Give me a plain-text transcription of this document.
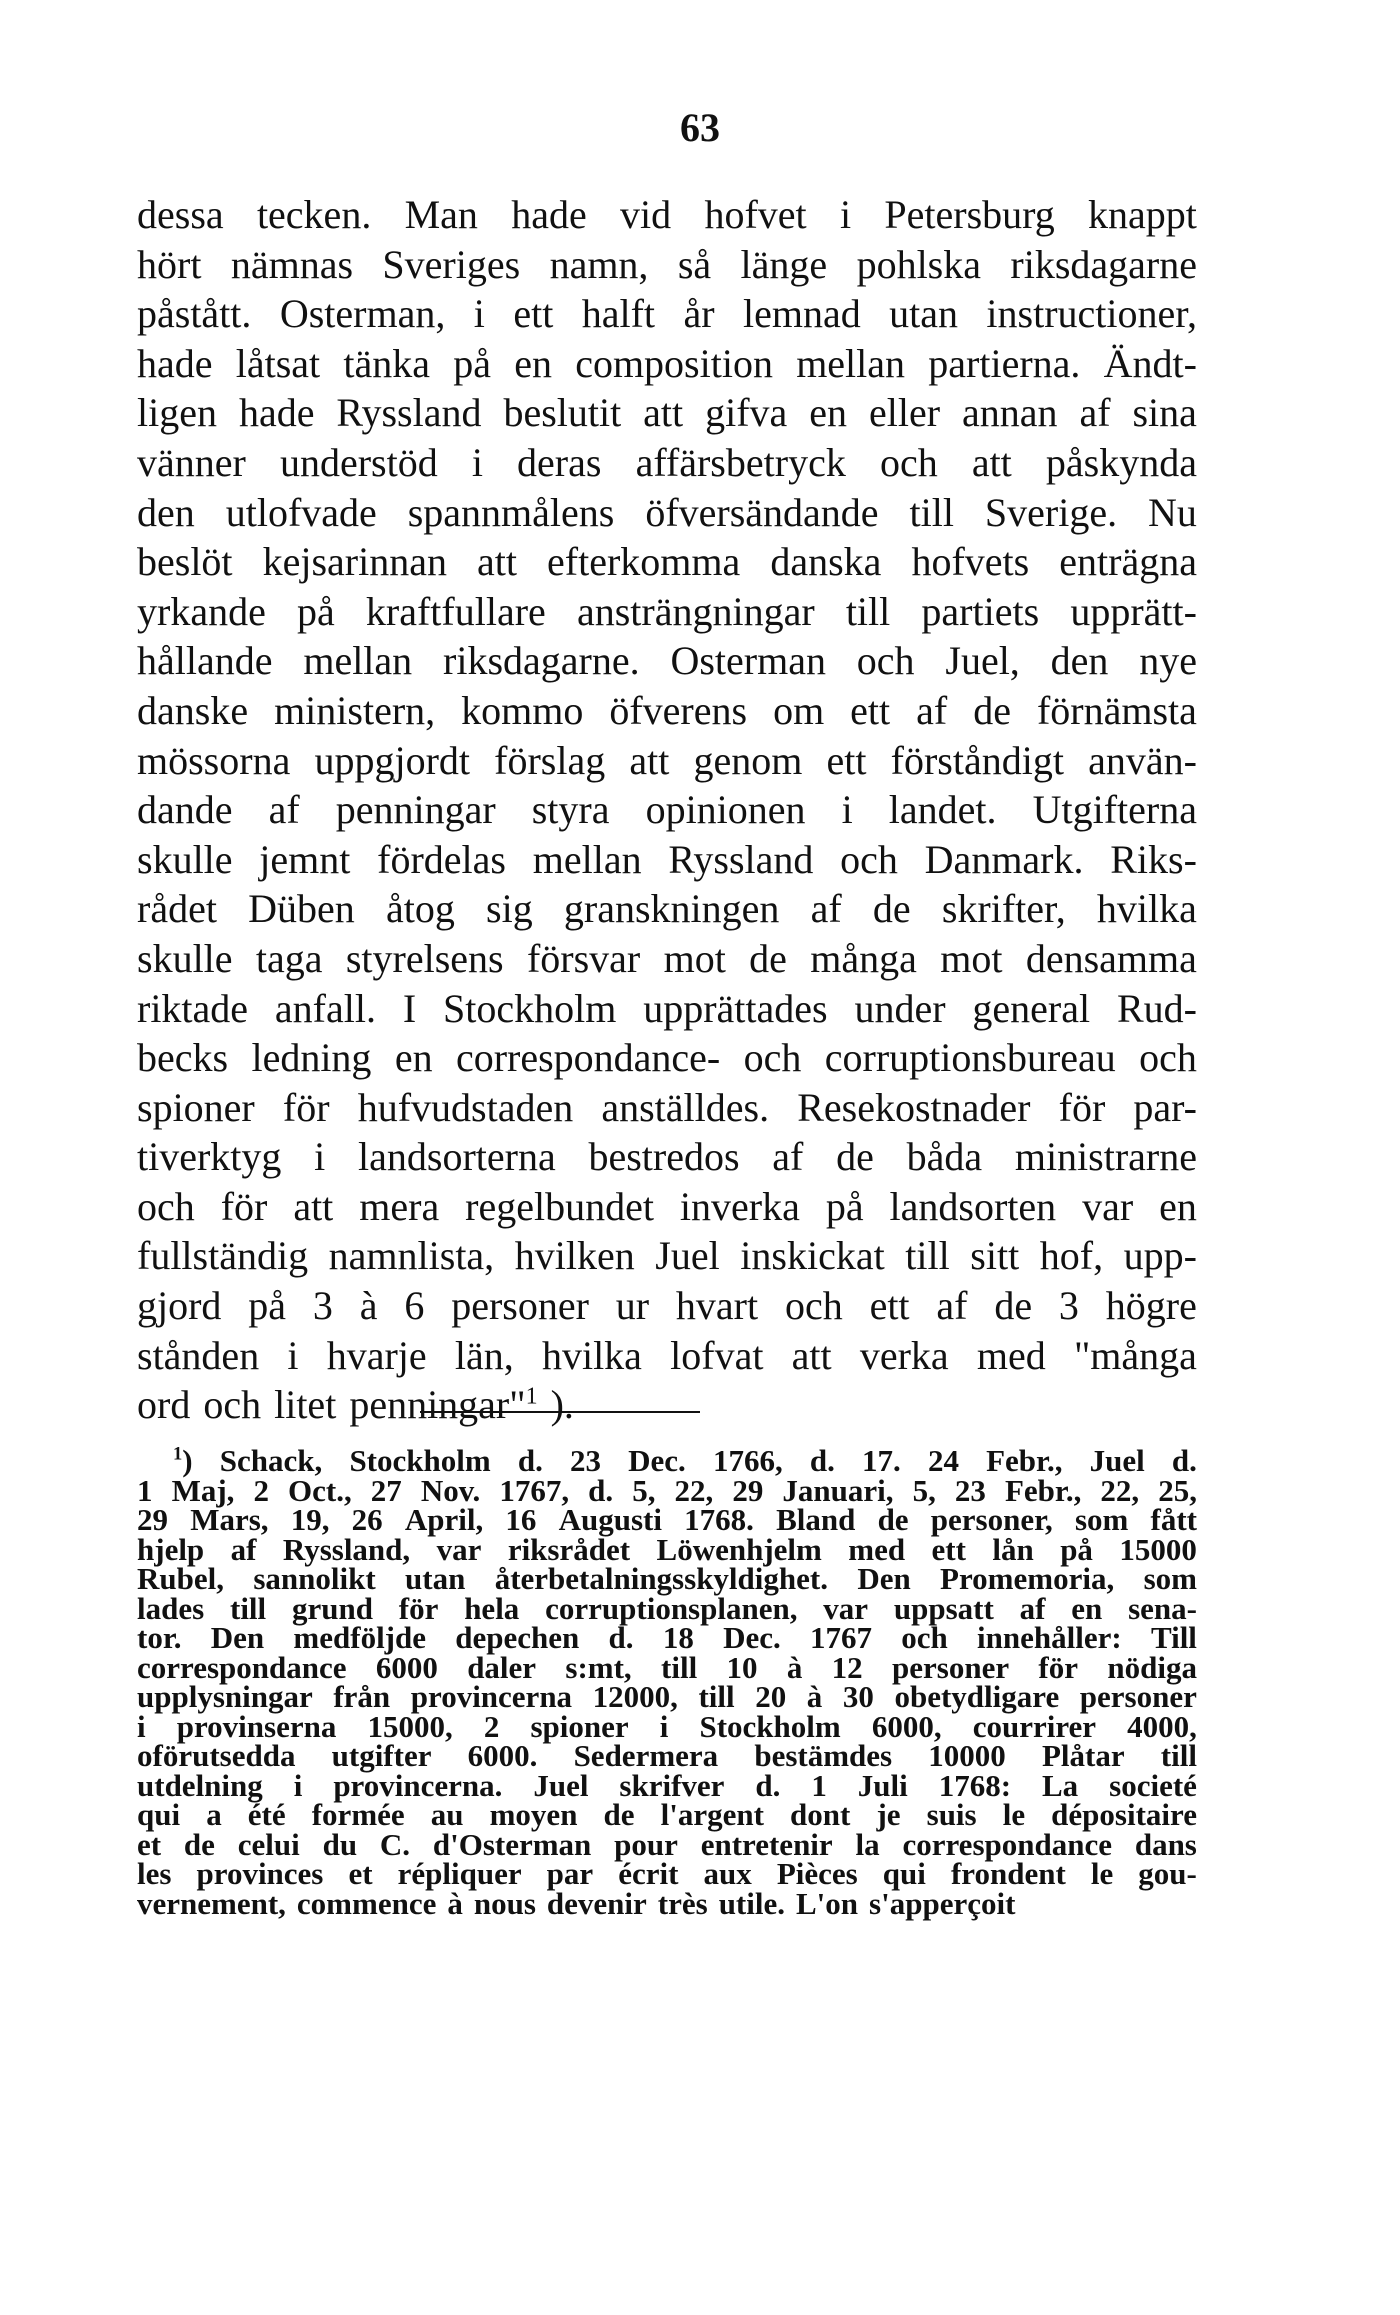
63
dessa tecken. Man hade vid hofvet i Petersburg knappt
hört nämnas Sveriges namn, så länge pohlska riksdagarne
påstått. Osterman, i ett halft år lemnad utan instructioner,
hade låtsat tänka på en composition mellan partierna. Ändt-
ligen hade Ryssland beslutit att gifva en eller annan af sina
vänner understöd i deras affärsbetryck och att påskynda
den utlofvade spannmålens öfversändande till Sverige. Nu
beslöt kejsarinnan att efterkomma danska hofvets enträgna
yrkande på kraftfullare ansträngningar till partiets upprätt-
hållande mellan riksdagarne. Osterman och Juel, den nye
danske ministern, kommo öfverens om ett af de förnämsta
mössorna uppgjordt förslag att genom ett förståndigt använ-
dande af penningar styra opinionen i landet. Utgifterna
skulle jemnt fördelas mellan Ryssland och Danmark. Riks-
rådet Düben åtog sig granskningen af de skrifter, hvilka
skulle taga styrelsens försvar mot de många mot densamma
riktade anfall. I Stockholm upprättades under general Rud-
becks ledning en correspondance- och corruptionsbureau och
spioner för hufvudstaden anställdes. Resekostnader för par-
tiverktyg i landsorterna bestredos af de båda ministrarne
och för att mera regelbundet inverka på landsorten var en
fullständig namnlista, hvilken Juel inskickat till sitt hof, upp-
gjord på 3 à 6 personer ur hvart och ett af de 3 högre
stånden i hvarje län, hvilka lofvat att verka med "många
ord och litet penningar"$^1$ ).
$^1$) Schack, Stockholm d. 23 Dec. 1766, d. 17. 24 Febr., Juel d.
1 Maj, 2 Oct., 27 Nov. 1767, d. 5, 22, 29 Januari, 5, 23 Febr., 22, 25,
29 Mars, 19, 26 April, 16 Augusti 1768. Bland de personer, som fått
hjelp af Ryssland, var riksrådet Löwenhjelm med ett lån på 15000
Rubel, sannolikt utan återbetalningsskyldighet. Den Promemoria, som
lades till grund för hela corruptionsplanen, var uppsatt af en sena-
tor. Den medföljde depechen d. 18 Dec. 1767 och innehåller: Till
correspondance 6000 daler s:mt, till 10 à 12 personer för nödiga
upplysningar från provincerna 12000, till 20 à 30 obetydligare personer
i provinserna 15000, 2 spioner i Stockholm 6000, courrirer 4000,
oförutsedda utgifter 6000. Sedermera bestämdes 10000 Plåtar till
utdelning i provincerna. Juel skrifver d. 1 Juli 1768: La societé
qui a été formée au moyen de l'argent dont je suis le dépositaire
et de celui du C. d'Osterman pour entretenir la correspondance dans
les provinces et répliquer par écrit aux Pièces qui frondent le gou-
vernement, commence à nous devenir très utile. L'on s'apperçoit
